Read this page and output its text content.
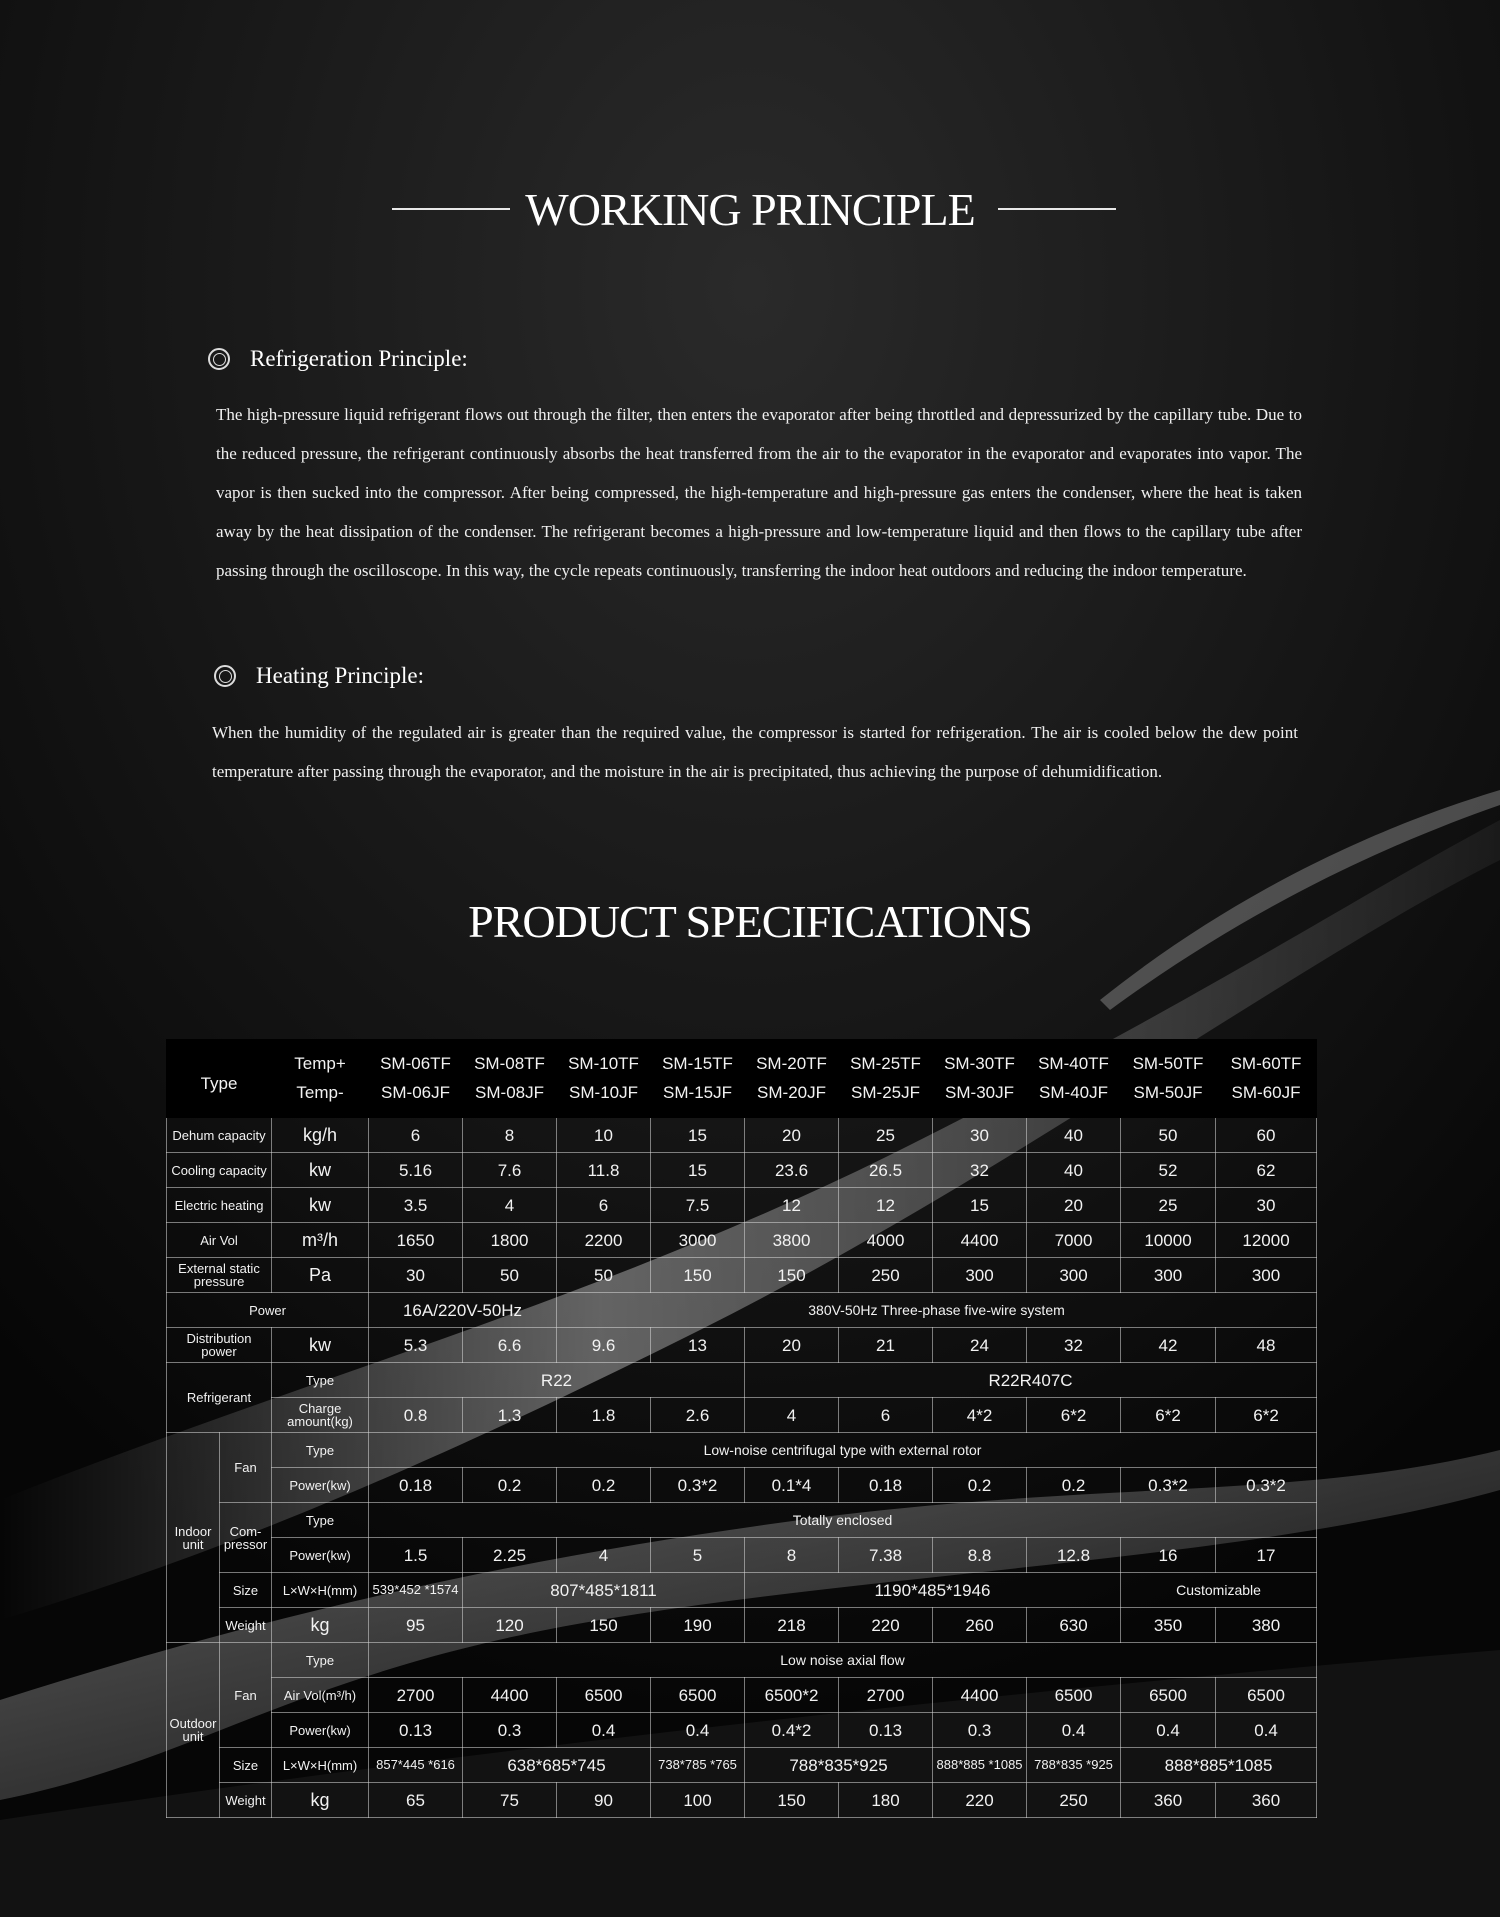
WORKING PRINCIPLE
Refrigeration Principle:
The high-pressure liquid refrigerant flows out through the filter, then enters the evaporator after being throttled and depressurized by the capillary tube. Due to the reduced pressure, the refrigerant continuously absorbs the heat transferred from the air to the evaporator in the evaporator and evaporates into vapor. The vapor is then sucked into the compressor. After being compressed, the high-temperature and high-pressure gas enters the condenser, where the heat is taken away by the heat dissipation of the condenser. The refrigerant becomes a high-pressure and low-temperature liquid and then flows to the capillary tube after passing through the oscilloscope. In this way, the cycle repeats continuously, transferring the indoor heat outdoors and reducing the indoor temperature.
Heating Principle:
When the humidity of the regulated air is greater than the required value, the compressor is started for refrigeration. The air is cooled below the dew point temperature after passing through the evaporator, and the moisture in the air is precipitated, thus achieving the purpose of dehumidification.
PRODUCT SPECIFICATIONS
Type		Temp+	SM-06TF	SM-08TF	SM-10TF	SM-15TF	SM-20TF	SM-25TF	SM-30TF	SM-40TF	SM-50TF	SM-60TF
		Temp-	SM-06JF	SM-08JF	SM-10JF	SM-15JF	SM-20JF	SM-25JF	SM-30JF	SM-40JF	SM-50JF	SM-60JF
Dehum capacity		kg/h	6	8	10	15	20	25	30	40	50	60
Cooling capacity		kw	5.16	7.6	11.8	15	23.6	26.5	32	40	52	62
Electric heating		kw	3.5	4	6	7.5	12	12	15	20	25	30
Air Vol		m³/h	1650	1800	2200	3000	3800	4000	4400	7000	10000	12000
External static pressure		Pa	30	50	50	150	150	250	300	300	300	300
Power			16A/220V-50Hz		380V-50Hz Three-phase five-wire system							
Distribution power		kw	5.3	6.6	9.6	13	20	21	24	32	42	48
Refrigerant		Type	R22				R22R407C					
		Charge amount(kg)	0.8	1.3	1.8	2.6	4	6	4*2	6*2	6*2	6*2
Indoor unit	Fan	Type	Low-noise centrifugal type with external rotor									
		Power(kw)	0.18	0.2	0.2	0.3*2	0.1*4	0.18	0.2	0.2	0.3*2	0.3*2
	Com- pressor	Type	Totally enclosed									
		Power(kw)	1.5	2.25	4	5	8	7.38	8.8	12.8	16	17
	Size	L×W×H(mm)	539*452 *1574	807*485*1811			1190*485*1946				Customizable	
	Weight	kg	95	120	150	190	218	220	260	630	350	380
Outdoor unit	Fan	Type	Low noise axial flow									
		Air Vol(m³/h)	2700	4400	6500	6500	6500*2	2700	4400	6500	6500	6500
		Power(kw)	0.13	0.3	0.4	0.4	0.4*2	0.13	0.3	0.4	0.4	0.4
	Size	L×W×H(mm)	857*445 *616	638*685*745		738*785 *765	788*835*925		888*885 *1085	788*835 *925	888*885*1085	
	Weight	kg	65	75	90	100	150	180	220	250	360	360
